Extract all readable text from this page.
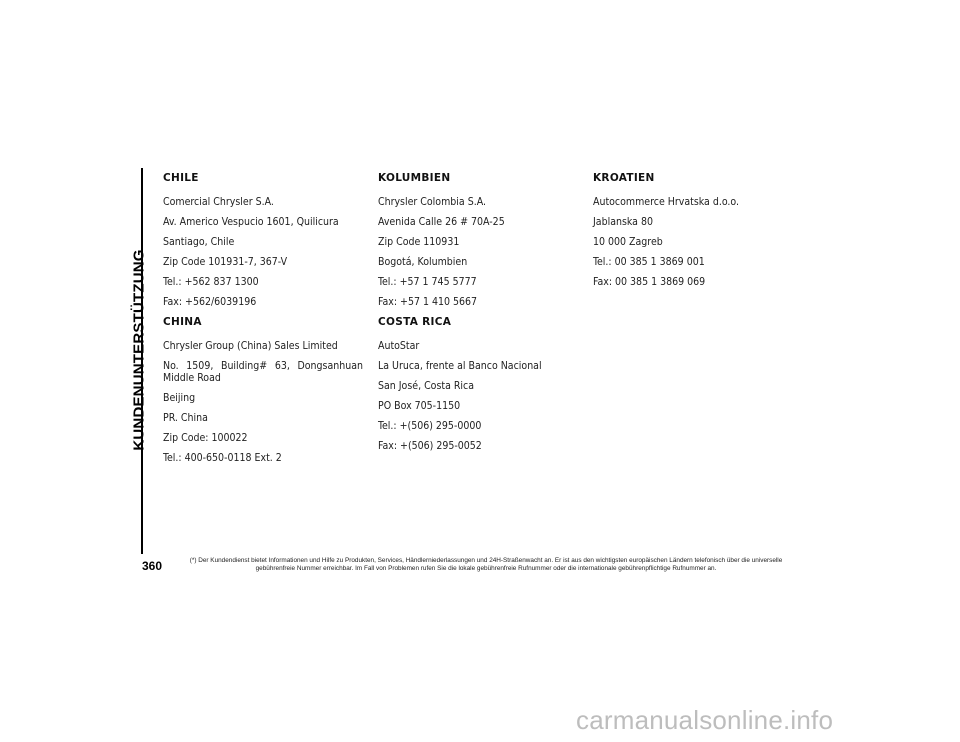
KUNDENUNTERSTÜTZUNG
CHILE
Comercial Chrysler S.A.
Av. Americo Vespucio 1601, Quilicura
Santiago, Chile
Zip Code 101931-7, 367-V
Tel.: +562 837 1300
Fax: +562/6039196
CHINA
Chrysler Group (China) Sales Limited
No. 1509, Building# 63, Dongsanhuan Middle Road
Beijing
PR. China
Zip Code: 100022
Tel.: 400-650-0118 Ext. 2
KOLUMBIEN
Chrysler Colombia S.A.
Avenida Calle 26 # 70A-25
Zip Code 110931
Bogotá, Kolumbien
Tel.: +57 1 745 5777
Fax: +57 1 410 5667
COSTA RICA
AutoStar
La Uruca, frente al Banco Nacional
San José, Costa Rica
PO Box 705-1150
Tel.: +(506) 295-0000
Fax: +(506) 295-0052
KROATIEN
Autocommerce Hrvatska d.o.o.
Jablanska 80
10 000 Zagreb
Tel.: 00 385 1 3869 001
Fax: 00 385 1 3869 069
360	(*) Der Kundendienst bietet Informationen und Hilfe zu Produkten, Services, Händlerniederlassungen und 24H-Straßenwacht an. Er ist aus den wichtigsten europäischen Ländern telefonisch über die universelle gebührenfreie Nummer erreichbar. Im Fall von Problemen rufen Sie die lokale gebührenfreie Rufnummer oder die internationale gebührenpflichtige Rufnummer an.
carmanualsonline.info
